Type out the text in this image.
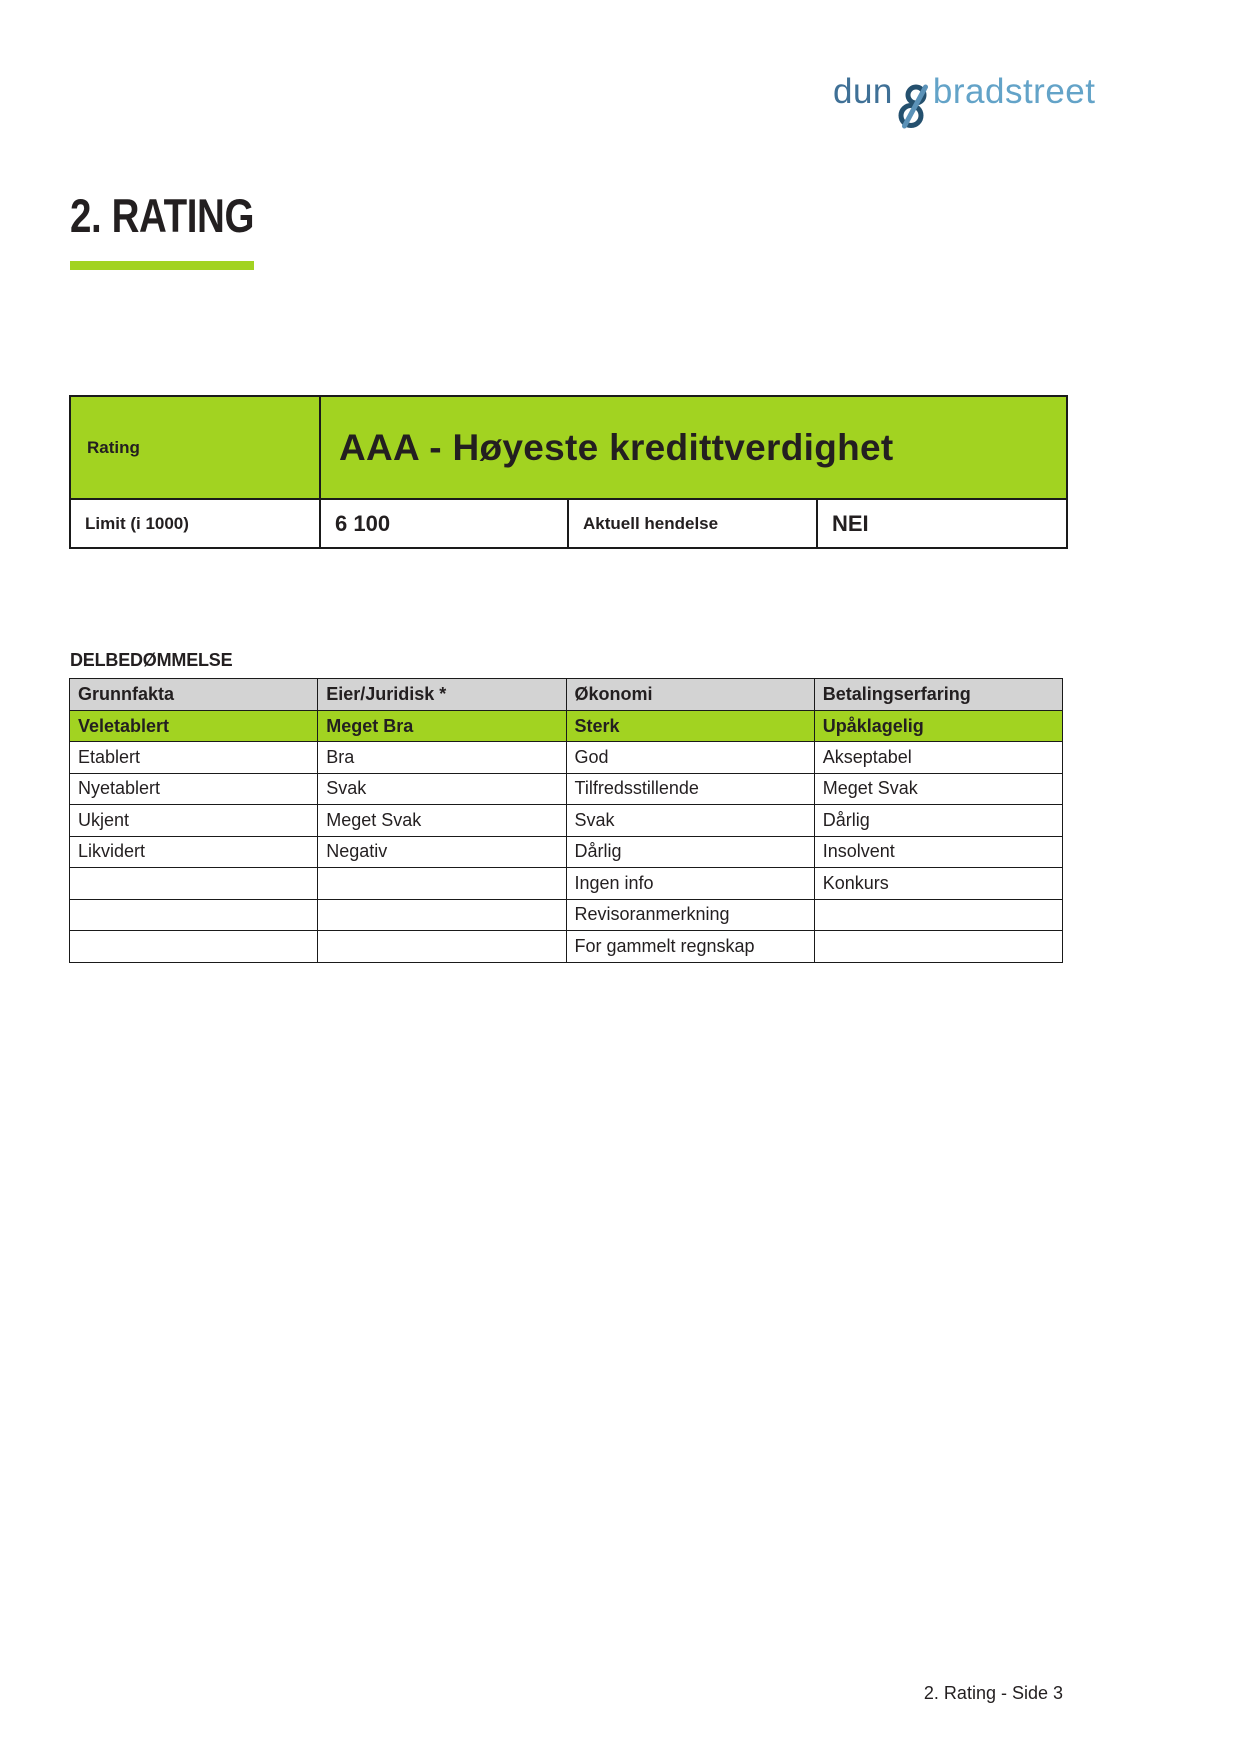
dun bradstreet
2. RATING
Rating	AAA - Høyeste kredittverdighet		
Limit (i 1000)	6 100	Aktuell hendelse	NEI
DELBEDØMMELSE
Grunnfakta	Eier/Juridisk *	Økonomi	Betalingserfaring
Veletablert	Meget Bra	Sterk	Upåklagelig
Etablert	Bra	God	Akseptabel
Nyetablert	Svak	Tilfredsstillende	Meget Svak
Ukjent	Meget Svak	Svak	Dårlig
Likvidert	Negativ	Dårlig	Insolvent
		Ingen info	Konkurs
		Revisoranmerkning	
		For gammelt regnskap	
2. Rating - Side 3
